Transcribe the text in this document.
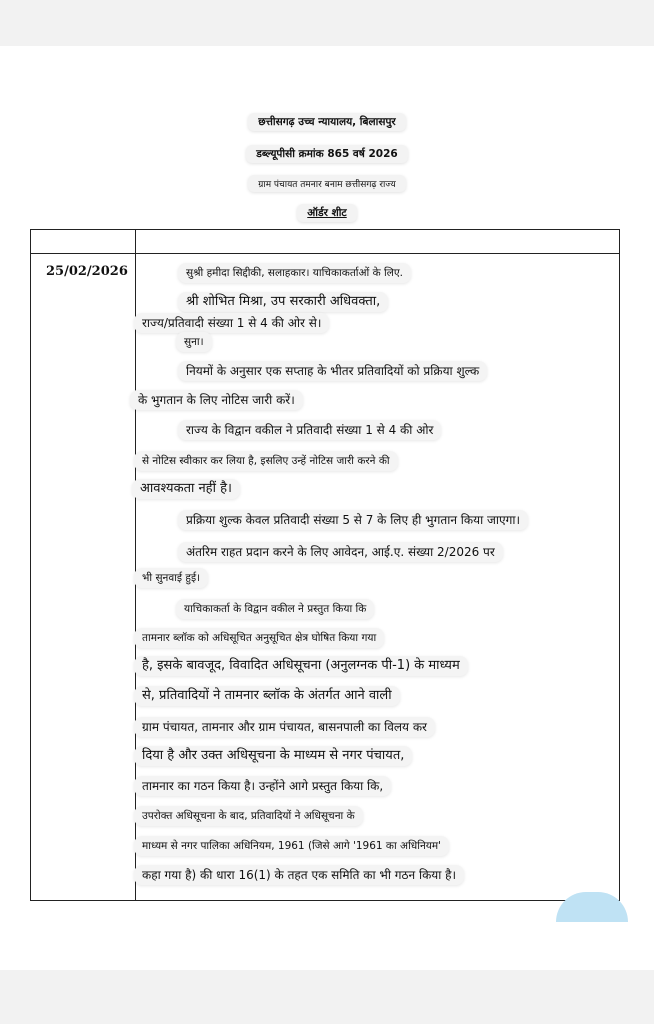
छत्तीसगढ़ उच्च न्यायालय, बिलासपुर
डब्ल्यूपीसी क्रमांक 865 वर्ष 2026
ग्राम पंचायत तमनार बनाम छत्तीसगढ़ राज्य
ऑर्डर शीट
25/02/2026	सुश्री हमीदा सिद्दीकी, सलाहकार। याचिकाकर्ताओं के लिए.
श्री शोभित मिश्रा, उप सरकारी अधिवक्ता,
राज्य/प्रतिवादी संख्या 1 से 4 की ओर से।
सुना।
नियमों के अनुसार एक सप्ताह के भीतर प्रतिवादियों को प्रक्रिया शुल्क
के भुगतान के लिए नोटिस जारी करें।
राज्य के विद्वान वकील ने प्रतिवादी संख्या 1 से 4 की ओर
से नोटिस स्वीकार कर लिया है, इसलिए उन्हें नोटिस जारी करने की
आवश्यकता नहीं है।
प्रक्रिया शुल्क केवल प्रतिवादी संख्या 5 से 7 के लिए ही भुगतान किया जाएगा।
अंतरिम राहत प्रदान करने के लिए आवेदन, आई.ए. संख्या 2/2026 पर
भी सुनवाई हुई।
याचिकाकर्ता के विद्वान वकील ने प्रस्तुत किया कि
तामनार ब्लॉक को अधिसूचित अनुसूचित क्षेत्र घोषित किया गया
है, इसके बावजूद, विवादित अधिसूचना (अनुलग्नक पी-1) के माध्यम
से, प्रतिवादियों ने तामनार ब्लॉक के अंतर्गत आने वाली
ग्राम पंचायत, तामनार और ग्राम पंचायत, बासनपाली का विलय कर
दिया है और उक्त अधिसूचना के माध्यम से नगर पंचायत,
तामनार का गठन किया है। उन्होंने आगे प्रस्तुत किया कि,
उपरोक्त अधिसूचना के बाद, प्रतिवादियों ने अधिसूचना के
माध्यम से नगर पालिका अधिनियम, 1961 (जिसे आगे '1961 का अधिनियम'
कहा गया है) की धारा 16(1) के तहत एक समिति का भी गठन किया है।
